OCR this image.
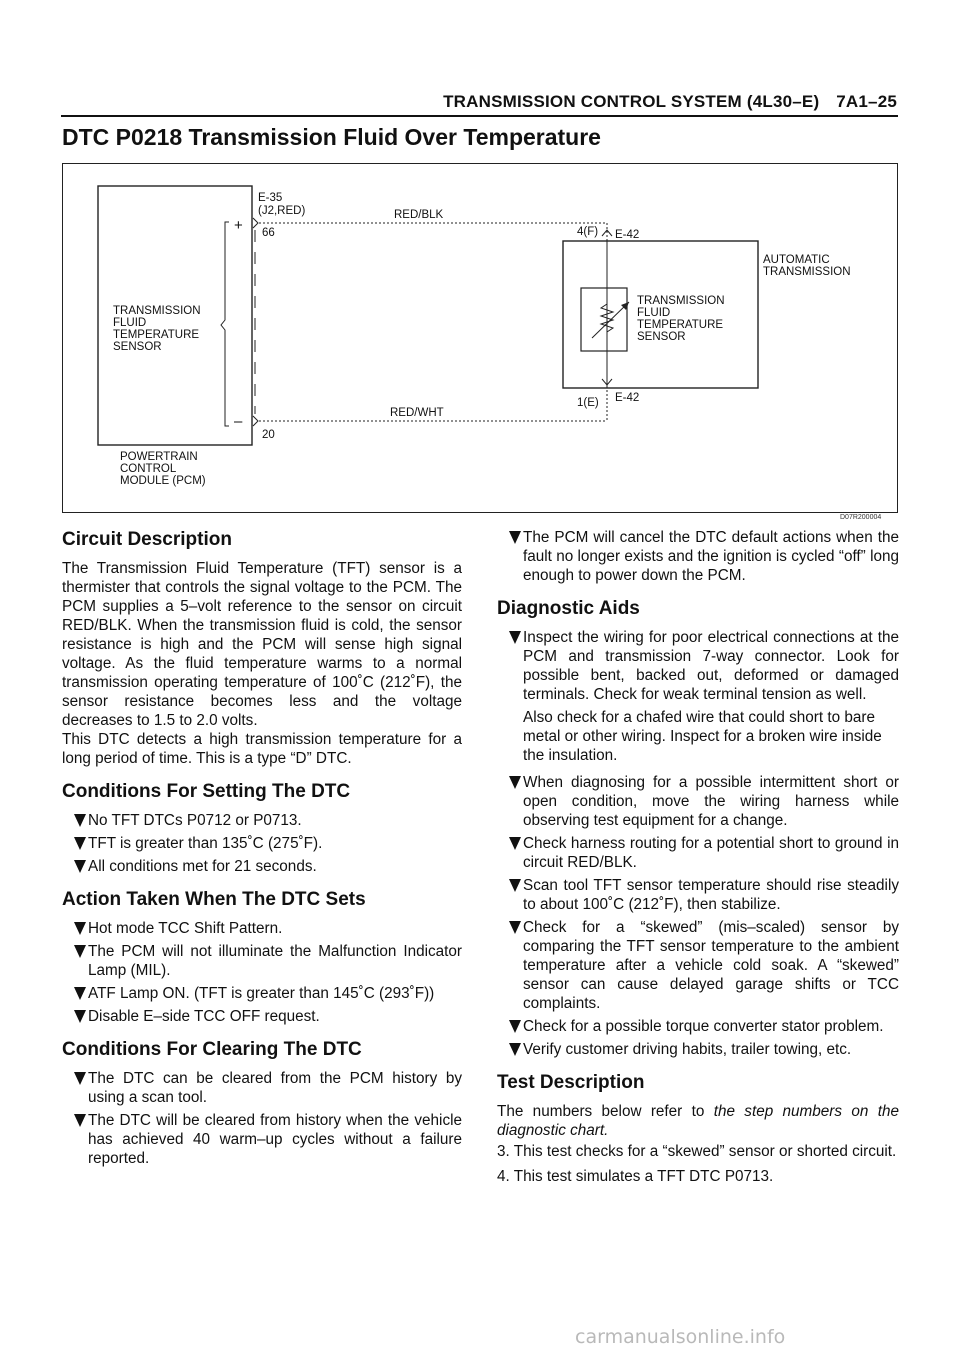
TRANSMISSION CONTROL SYSTEM (4L30–E) 7A1–25
DTC P0218 Transmission Fluid Over Temperature
TRANSMISSION FLUID TEMPERATURE SENSOR
POWERTRAIN CONTROL MODULE (PCM)
+
–
E-35 (J2,RED)
66
20
RED/BLK
RED/WHT
4(F)
1(E)
E-42
E-42
AUTOMATIC TRANSMISSION
TRANSMISSION FLUID TEMPERATURE SENSOR
D07R200004
Circuit Description

The Transmission Fluid Temperature (TFT) sensor is a thermister that controls the signal voltage to the PCM. The PCM supplies a 5–volt reference to the sensor on circuit RED/BLK. When the transmission fluid is cold, the sensor resistance is high and the PCM will sense high signal voltage. As the fluid temperature warms to a normal transmission operating temperature of 100˚C (212˚F), the sensor resistance becomes less and the voltage decreases to 1.5 to 2.0 volts.

This DTC detects a high transmission temperature for a long period of time. This is a type “D” DTC.

Conditions For Setting The DTC
No TFT DTCs P0712 or P0713.
TFT is greater than 135˚C (275˚F).
All conditions met for 21 seconds.
Action Taken When The DTC Sets
Hot mode TCC Shift Pattern.
The PCM will not illuminate the Malfunction Indicator Lamp (MIL).
ATF Lamp ON. (TFT is greater than 145˚C (293˚F))
Disable E–side TCC OFF request.
Conditions For Clearing The DTC
The DTC can be cleared from the PCM history by using a scan tool.
The DTC will be cleared from history when the vehicle has achieved 40 warm–up cycles without a failure reported.
The PCM will cancel the DTC default actions when the fault no longer exists and the ignition is cycled “off” long enough to power down the PCM.
Diagnostic Aids
Inspect the wiring for poor electrical connections at the PCM and transmission 7-way connector. Look for possible bent, backed out, deformed or damaged terminals. Check for weak terminal tension as well.
Also check for a chafed wire that could short to bare metal or other wiring. Inspect for a broken wire inside the insulation.
When diagnosing for a possible intermittent short or open condition, move the wiring harness while observing test equipment for a change.
Check harness routing for a potential short to ground in circuit RED/BLK.
Scan tool TFT sensor temperature should rise steadily to about 100˚C (212˚F), then stabilize.
Check for a “skewed” (mis–scaled) sensor by comparing the TFT sensor temperature to the ambient temperature after a vehicle cold soak. A “skewed” sensor can cause delayed garage shifts or TCC complaints.
Check for a possible torque converter stator problem.
Verify customer driving habits, trailer towing, etc.
Test Description

The numbers below refer to the step numbers on the diagnostic chart.

3. This test checks for a “skewed” sensor or shorted circuit.
4. This test simulates a TFT DTC P0713.
carmanualsonline.info
